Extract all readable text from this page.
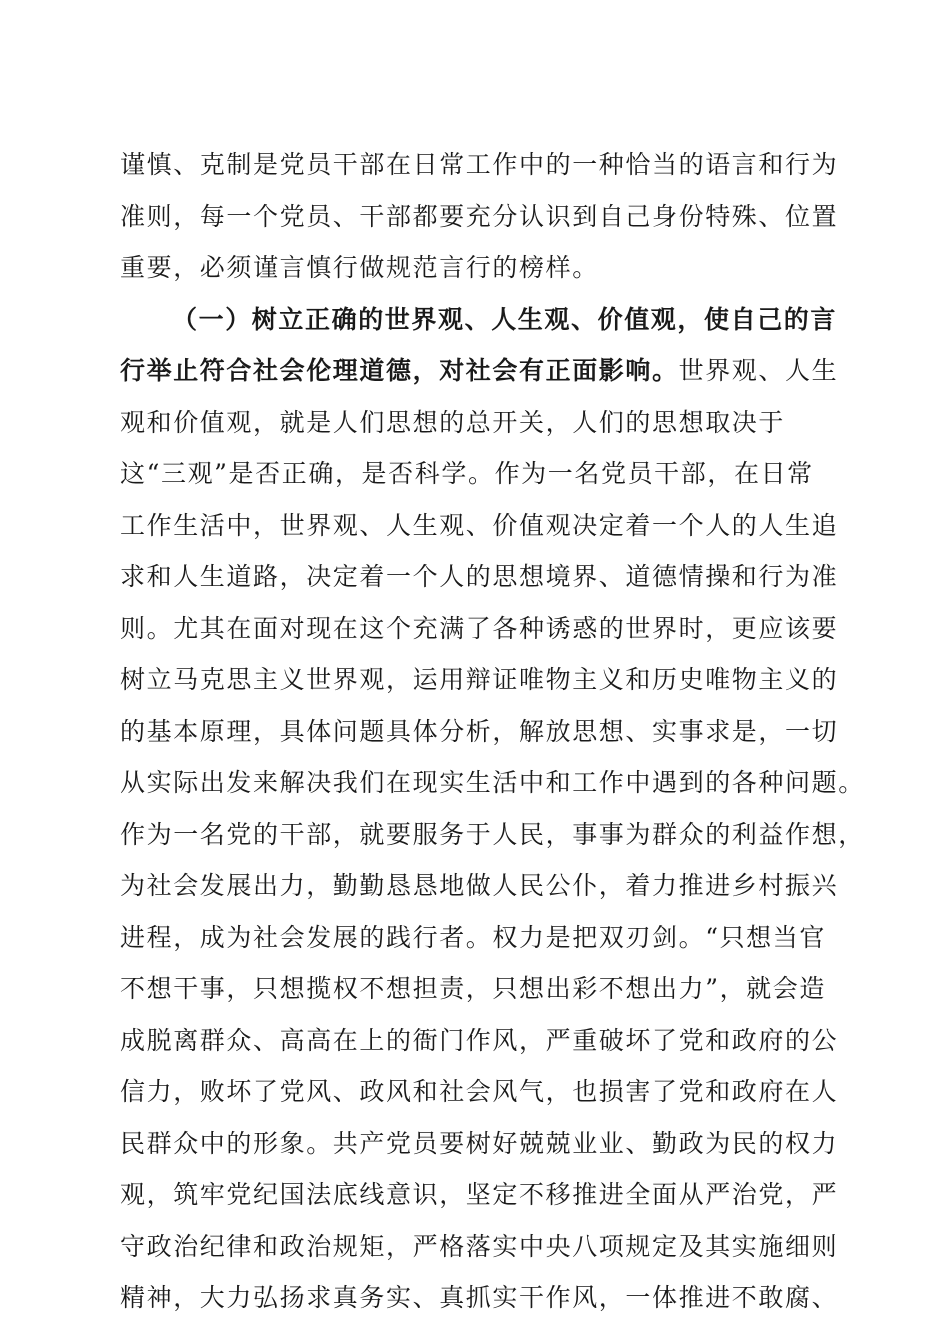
谨慎、克制是党员干部在日常工作中的一种恰当的语言和行为
准则，每一个党员、干部都要充分认识到自己身份特殊、位置
重要，必须谨言慎行做规范言行的榜样。
（一）树立正确的世界观、人生观、价值观，使自己的言
行举止符合社会伦理道德，对社会有正面影响。世界观、人生
观和价值观，就是人们思想的总开关，人们的思想取决于
这“三观”是否正确，是否科学。作为一名党员干部，在日常
工作生活中，世界观、人生观、价值观决定着一个人的人生追
求和人生道路，决定着一个人的思想境界、道德情操和行为准
则。尤其在面对现在这个充满了各种诱惑的世界时，更应该要
树立马克思主义世界观，运用辩证唯物主义和历史唯物主义的
的基本原理，具体问题具体分析，解放思想、实事求是，一切
从实际出发来解决我们在现实生活中和工作中遇到的各种问题。
作为一名党的干部，就要服务于人民，事事为群众的利益作想，
为社会发展出力，勤勤恳恳地做人民公仆，着力推进乡村振兴
进程，成为社会发展的践行者。权力是把双刃剑。“只想当官
不想干事，只想揽权不想担责，只想出彩不想出力”，就会造
成脱离群众、高高在上的衙门作风，严重破坏了党和政府的公
信力，败坏了党风、政风和社会风气，也损害了党和政府在人
民群众中的形象。共产党员要树好兢兢业业、勤政为民的权力
观，筑牢党纪国法底线意识，坚定不移推进全面从严治党，严
守政治纪律和政治规矩，严格落实中央八项规定及其实施细则
精神，大力弘扬求真务实、真抓实干作风，一体推进不敢腐、
